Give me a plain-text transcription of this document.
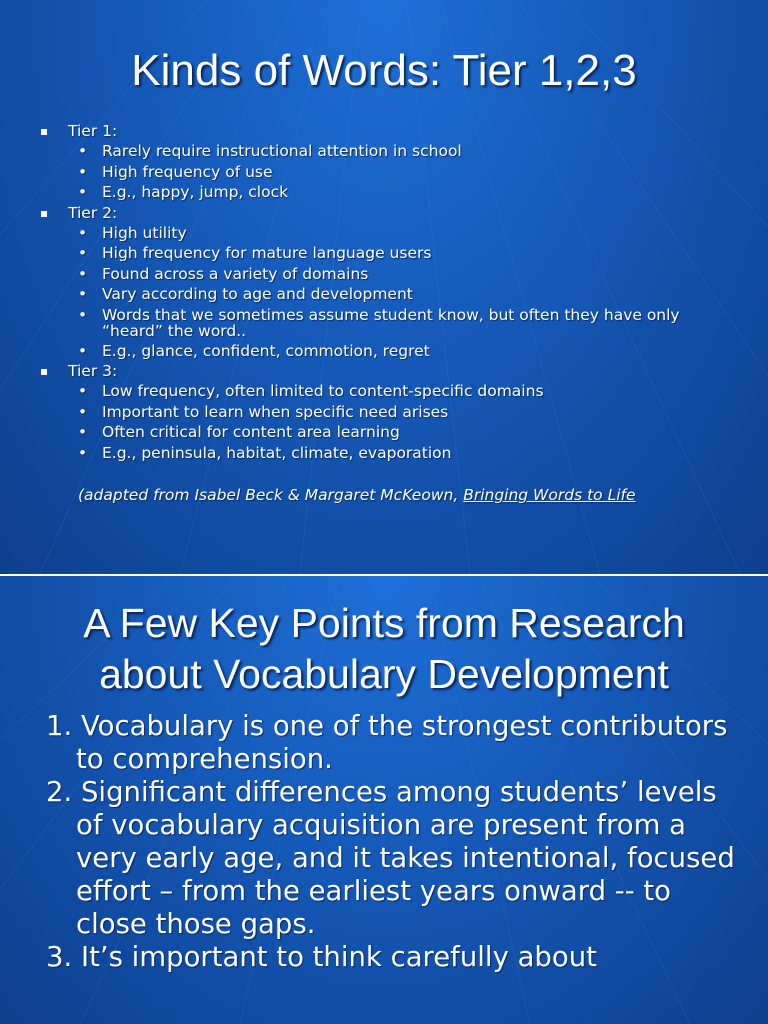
Kinds of Words: Tier 1,2,3
Tier 1:
• Rarely require instructional attention in school
• High frequency of use
• E.g., happy, jump, clock
Tier 2:
• High utility
• High frequency for mature language users
• Found across a variety of domains
• Vary according to age and development
• Words that we sometimes assume student know, but often they have only “heard” the word..
• E.g., glance, confident, commotion, regret
Tier 3:
• Low frequency, often limited to content-specific domains
• Important to learn when specific need arises
• Often critical for content area learning
• E.g., peninsula, habitat, climate, evaporation
(adapted from Isabel Beck & Margaret McKeown, Bringing Words to Life
A Few Key Points from Research
about Vocabulary Development

1. Vocabulary is one of the strongest contributors to comprehension.

2. Significant differences among students’ levels of vocabulary acquisition are present from a very early age, and it takes intentional, focused effort – from the earliest years onward -- to close those gaps.

3. It’s important to think carefully about
